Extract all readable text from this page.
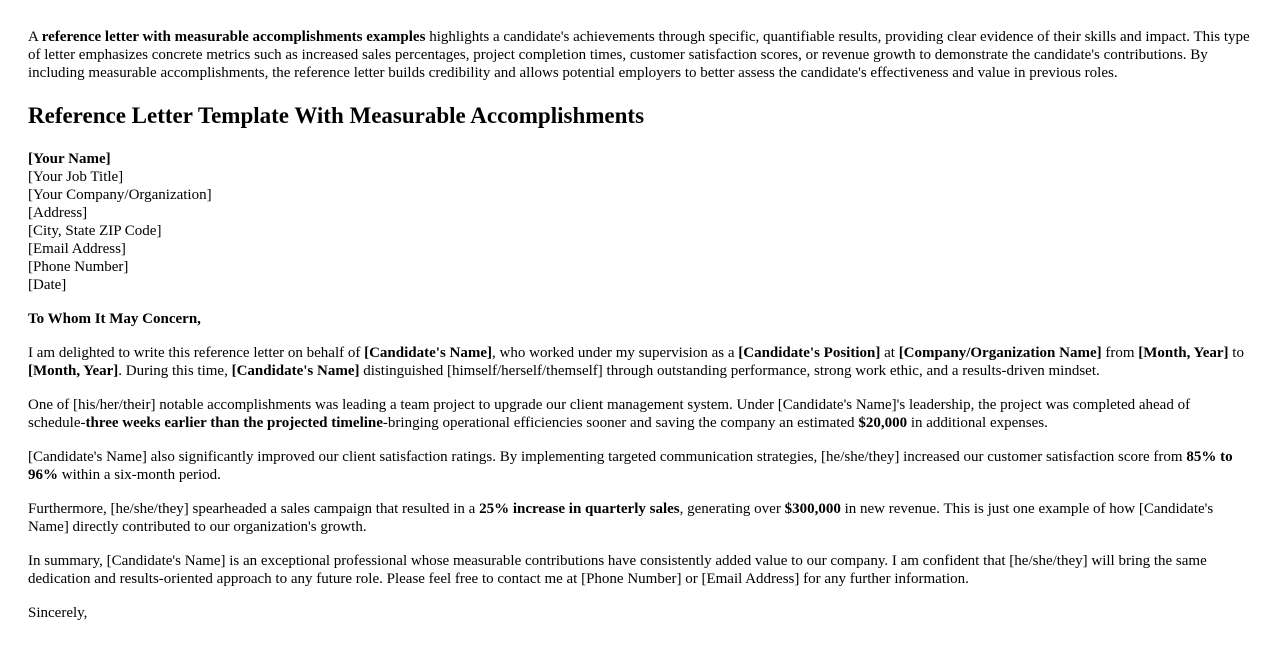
A reference letter with measurable accomplishments examples highlights a candidate's achievements through specific, quantifiable results, providing clear evidence of their skills and impact. This type of letter emphasizes concrete metrics such as increased sales percentages, project completion times, customer satisfaction scores, or revenue growth to demonstrate the candidate's contributions. By including measurable accomplishments, the reference letter builds credibility and allows potential employers to better assess the candidate's effectiveness and value in previous roles.

Reference Letter Template With Measurable Accomplishments
[Your Name]
[Your Job Title]
[Your Company/Organization]
[Address]
[City, State ZIP Code]
[Email Address]
[Phone Number]
[Date]

To Whom It May Concern,

I am delighted to write this reference letter on behalf of [Candidate's Name], who worked under my supervision as a [Candidate's Position] at [Company/Organization Name] from [Month, Year] to [Month, Year]. During this time, [Candidate's Name] distinguished [himself/herself/themself] through outstanding performance, strong work ethic, and a results-driven mindset.

One of [his/her/their] notable accomplishments was leading a team project to upgrade our client management system. Under [Candidate's Name]'s leadership, the project was completed ahead of schedule-three weeks earlier than the projected timeline-bringing operational efficiencies sooner and saving the company an estimated $20,000 in additional expenses.

[Candidate's Name] also significantly improved our client satisfaction ratings. By implementing targeted communication strategies, [he/she/they] increased our customer satisfaction score from 85% to 96% within a six-month period.

Furthermore, [he/she/they] spearheaded a sales campaign that resulted in a 25% increase in quarterly sales, generating over $300,000 in new revenue. This is just one example of how [Candidate's Name] directly contributed to our organization's growth.

In summary, [Candidate's Name] is an exceptional professional whose measurable contributions have consistently added value to our company. I am confident that [he/she/they] will bring the same dedication and results-oriented approach to any future role. Please feel free to contact me at [Phone Number] or [Email Address] for any further information.

Sincerely,
